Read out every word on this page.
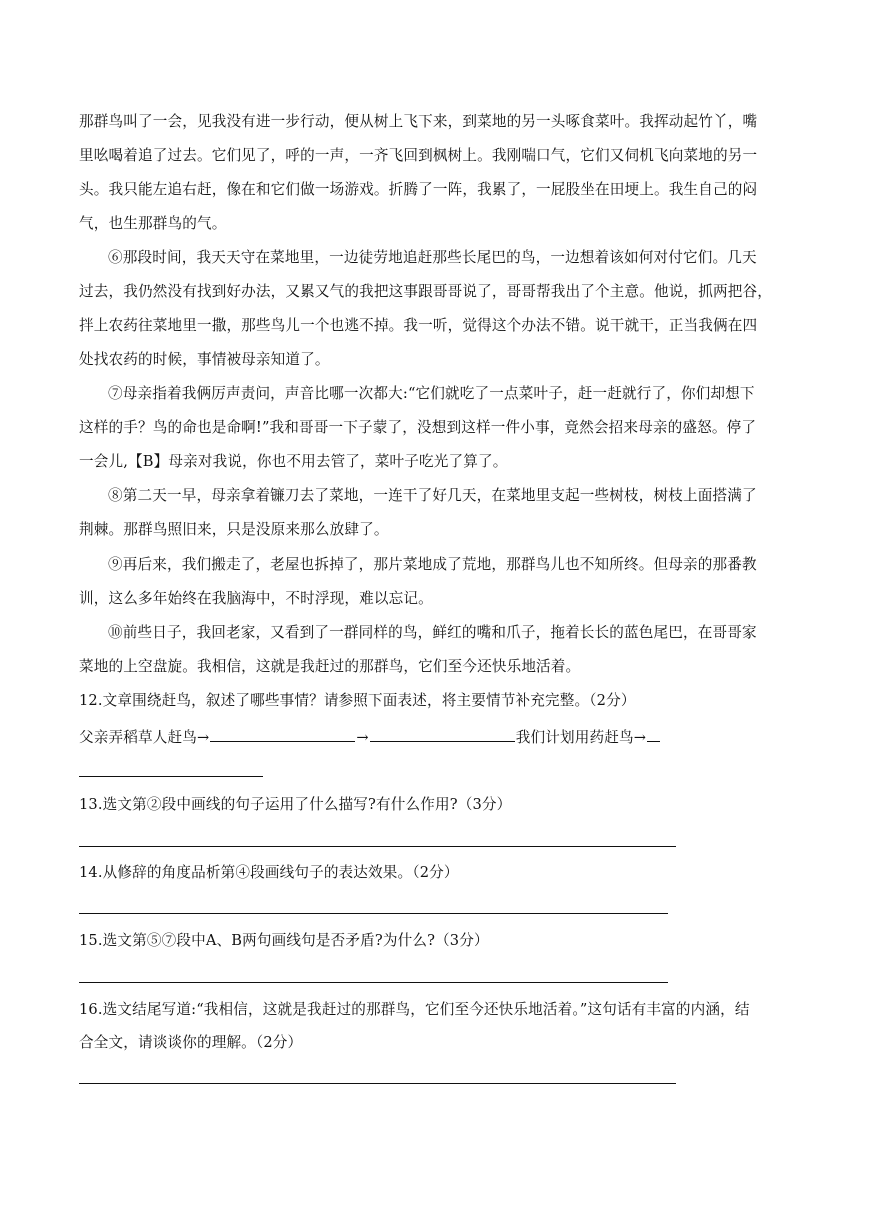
那群鸟叫了一会，见我没有进一步行动，便从树上飞下来，到菜地的另一头啄食菜叶。我挥动起竹丫，嘴
里吆喝着追了过去。它们见了，呼的一声，一齐飞回到枫树上。我刚喘口气，它们又伺机飞向菜地的另一
头。我只能左追右赶，像在和它们做一场游戏。折腾了一阵，我累了，一屁股坐在田埂上。我生自己的闷
气，也生那群鸟的气。
⑥那段时间，我天天守在菜地里，一边徒劳地追赶那些长尾巴的鸟，一边想着该如何对付它们。几天
过去，我仍然没有找到好办法，又累又气的我把这事跟哥哥说了，哥哥帮我出了个主意。他说，抓两把谷，
拌上农药往菜地里一撒，那些鸟儿一个也逃不掉。我一听，觉得这个办法不错。说干就干，正当我俩在四
处找农药的时候，事情被母亲知道了。
⑦母亲指着我俩厉声责问，声音比哪一次都大:“它们就吃了一点菜叶子，赶一赶就行了，你们却想下
这样的手？鸟的命也是命啊!”我和哥哥一下子蒙了，没想到这样一件小事，竟然会招来母亲的盛怒。停了
一会儿,【B】母亲对我说，你也不用去管了，菜叶子吃光了算了。
⑧第二天一早，母亲拿着镰刀去了菜地，一连干了好几天，在菜地里支起一些树枝，树枝上面搭满了
荆棘。那群鸟照旧来，只是没原来那么放肆了。
⑨再后来，我们搬走了，老屋也拆掉了，那片菜地成了荒地，那群鸟儿也不知所终。但母亲的那番教
训，这么多年始终在我脑海中，不时浮现，难以忘记。
⑩前些日子，我回老家，又看到了一群同样的鸟，鲜红的嘴和爪子，拖着长长的蓝色尾巴，在哥哥家
菜地的上空盘旋。我相信，这就是我赶过的那群鸟，它们至今还快乐地活着。
12.文章围绕赶鸟，叙述了哪些事情？请参照下面表述，将主要情节补充完整。（2分）
父亲弄稻草人赶鸟→	→	我们计划用药赶鸟→
13.选文第②段中画线的句子运用了什么描写?有什么作用?（3分）
14.从修辞的角度品析第④段画线句子的表达效果。（2分）
15.选文第⑤⑦段中A、B两句画线句是否矛盾?为什么?（3分）
16.选文结尾写道:“我相信，这就是我赶过的那群鸟，它们至今还快乐地活着。”这句话有丰富的内涵，结
合全文，请谈谈你的理解。（2分）
